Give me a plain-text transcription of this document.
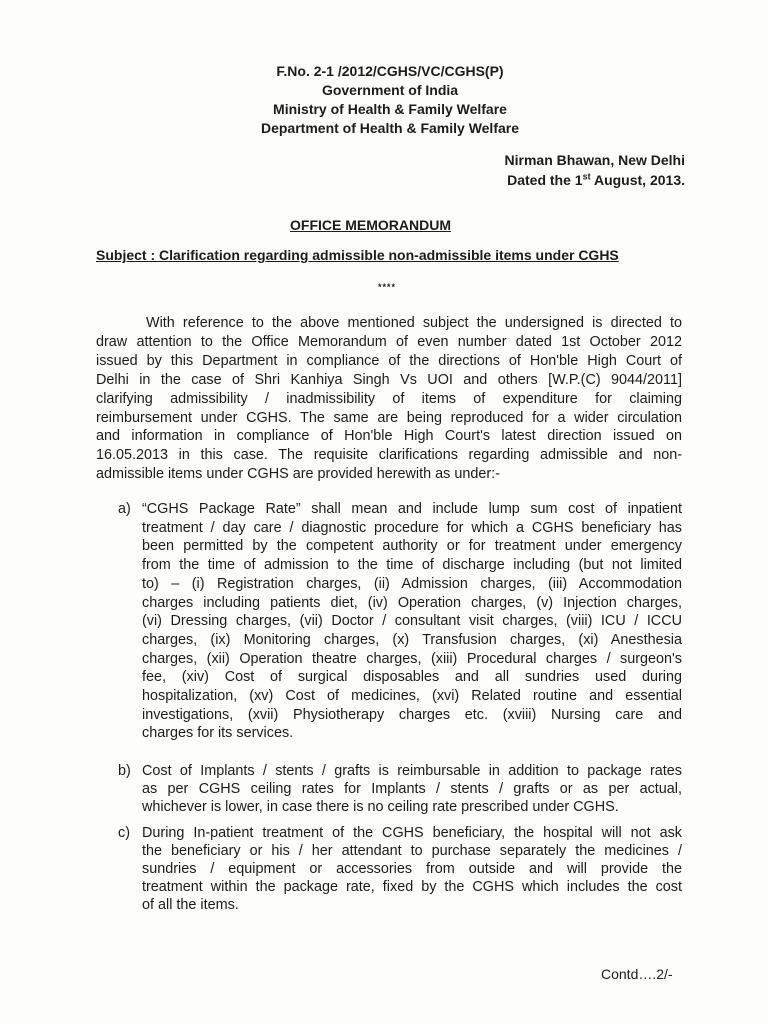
F.No. 2-1 /2012/CGHS/VC/CGHS(P)
Government of India
Ministry of Health & Family Welfare
Department of Health & Family Welfare
Nirman Bhawan, New Delhi
Dated the 1st August, 2013.
OFFICE MEMORANDUM
Subject : Clarification regarding admissible non-admissible items under CGHS
****
With reference to the above mentioned subject the undersigned is directed to
draw attention to the Office Memorandum of even number dated 1st October 2012
issued by this Department in compliance of the directions of Hon'ble High Court of
Delhi in the case of Shri Kanhiya Singh Vs UOI and others [W.P.(C) 9044/2011]
clarifying admissibility / inadmissibility of items of expenditure for claiming
reimbursement under CGHS. The same are being reproduced for a wider circulation
and information in compliance of Hon'ble High Court's latest direction issued on
16.05.2013 in this case. The requisite clarifications regarding admissible and non-
admissible items under CGHS are provided herewith as under:-
a) “CGHS Package Rate” shall mean and include lump sum cost of inpatient
treatment / day care / diagnostic procedure for which a CGHS beneficiary has
been permitted by the competent authority or for treatment under emergency
from the time of admission to the time of discharge including (but not limited
to) – (i) Registration charges, (ii) Admission charges, (iii) Accommodation
charges including patients diet, (iv) Operation charges, (v) Injection charges,
(vi) Dressing charges, (vii) Doctor / consultant visit charges, (viii) ICU / ICCU
charges, (ix) Monitoring charges, (x) Transfusion charges, (xi) Anesthesia
charges, (xii) Operation theatre charges, (xiii) Procedural charges / surgeon's
fee, (xiv) Cost of surgical disposables and all sundries used during
hospitalization, (xv) Cost of medicines, (xvi) Related routine and essential
investigations, (xvii) Physiotherapy charges etc. (xviii) Nursing care and
charges for its services.
b) Cost of Implants / stents / grafts is reimbursable in addition to package rates
as per CGHS ceiling rates for Implants / stents / grafts or as per actual,
whichever is lower, in case there is no ceiling rate prescribed under CGHS.
c) During In-patient treatment of the CGHS beneficiary, the hospital will not ask
the beneficiary or his / her attendant to purchase separately the medicines /
sundries / equipment or accessories from outside and will provide the
treatment within the package rate, fixed by the CGHS which includes the cost
of all the items.
Contd….2/-
